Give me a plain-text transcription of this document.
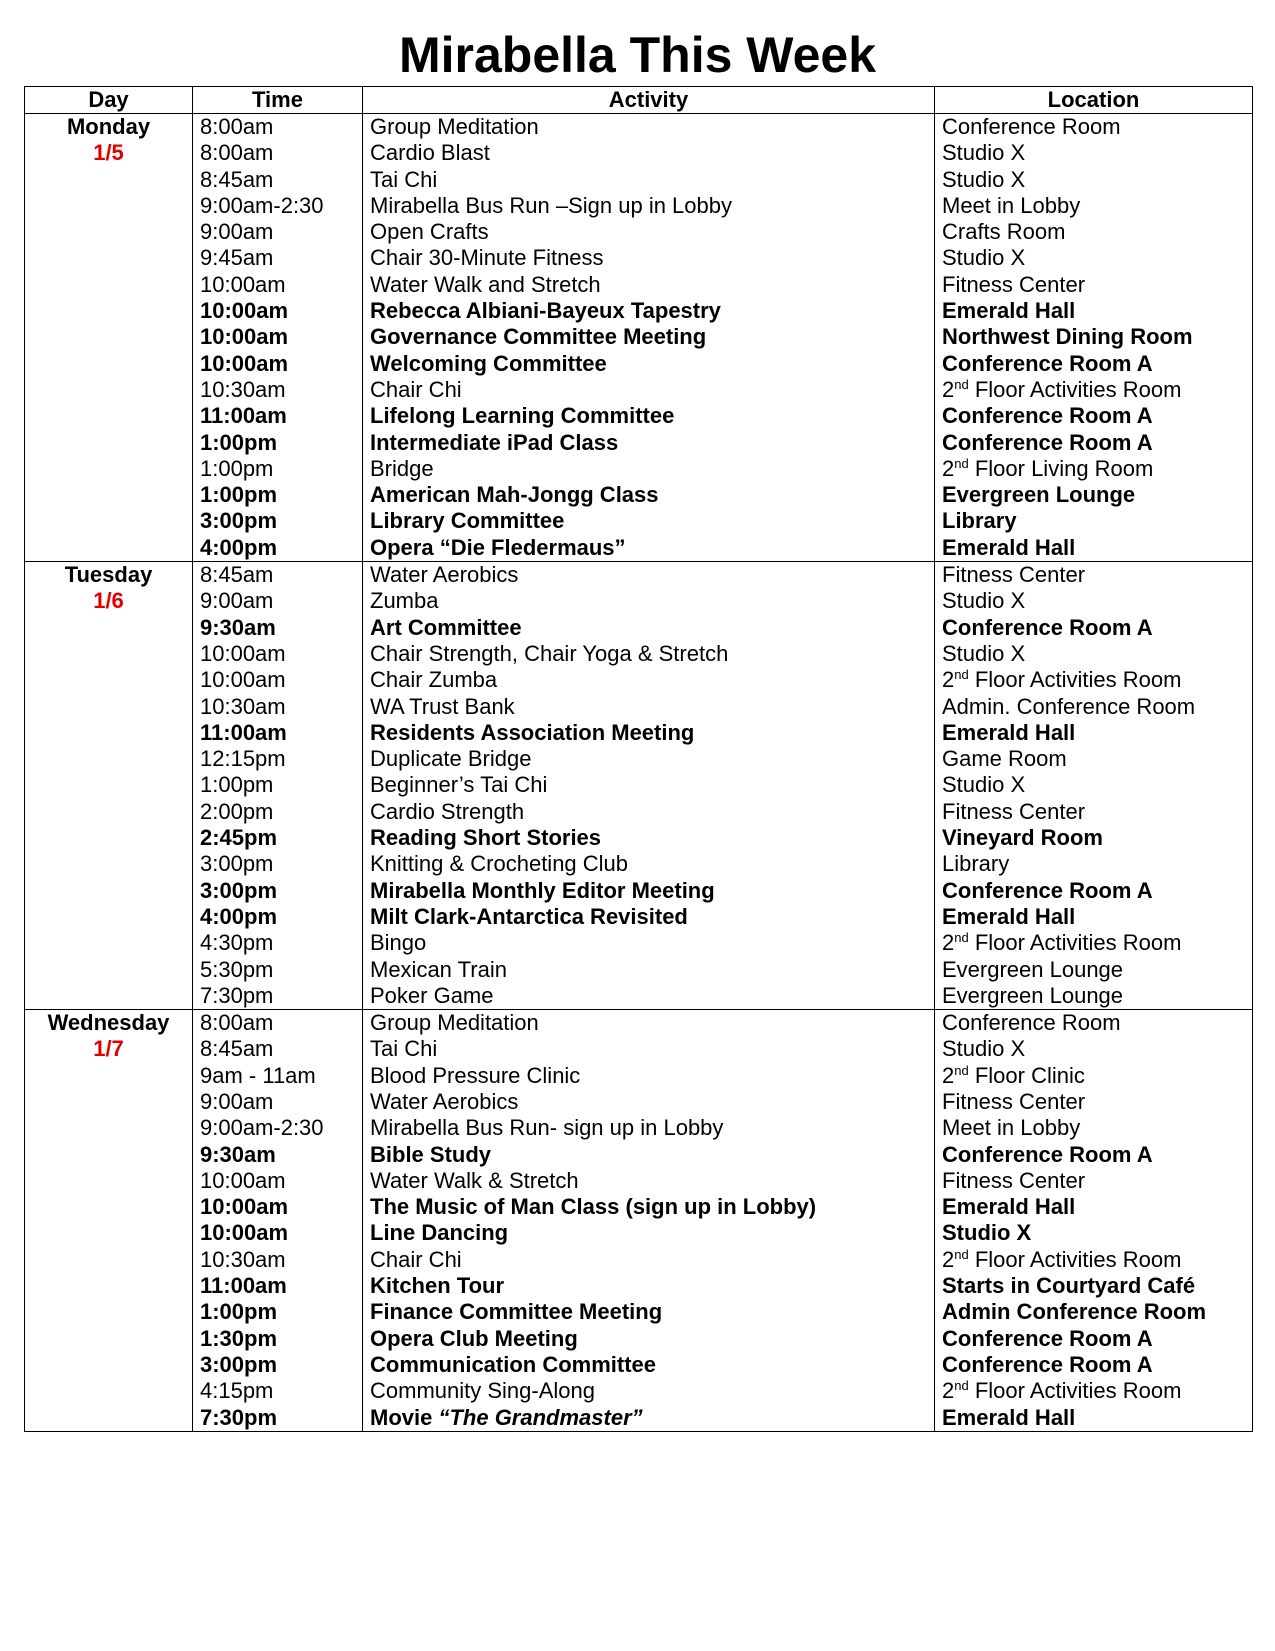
Mirabella This Week
Day	Time	Activity	Location
Monday	8:00am	Group Meditation	Conference Room
1/5	8:00am	Cardio Blast	Studio X
	8:45am	Tai Chi	Studio X
	9:00am-2:30	Mirabella Bus Run –Sign up in Lobby	Meet in Lobby
	9:00am	Open Crafts	Crafts Room
	9:45am	Chair 30-Minute Fitness	Studio X
	10:00am	Water Walk and Stretch	Fitness Center
	10:00am	Rebecca Albiani-Bayeux Tapestry	Emerald Hall
	10:00am	Governance Committee Meeting	Northwest Dining Room
	10:00am	Welcoming Committee	Conference Room A
	10:30am	Chair Chi	2nd Floor Activities Room
	11:00am	Lifelong Learning Committee	Conference Room A
	1:00pm	Intermediate iPad Class	Conference Room A
	1:00pm	Bridge	2nd Floor Living Room
	1:00pm	American Mah-Jongg Class	Evergreen Lounge
	3:00pm	Library Committee	Library
	4:00pm	Opera “Die Fledermaus”	Emerald Hall
Tuesday	8:45am	Water Aerobics	Fitness Center
1/6	9:00am	Zumba	Studio X
	9:30am	Art Committee	Conference Room A
	10:00am	Chair Strength, Chair Yoga & Stretch	Studio X
	10:00am	Chair Zumba	2nd Floor Activities Room
	10:30am	WA Trust Bank	Admin. Conference Room
	11:00am	Residents Association Meeting	Emerald Hall
	12:15pm	Duplicate Bridge	Game Room
	1:00pm	Beginner’s Tai Chi	Studio X
	2:00pm	Cardio Strength	Fitness Center
	2:45pm	Reading Short Stories	Vineyard Room
	3:00pm	Knitting & Crocheting Club	Library
	3:00pm	Mirabella Monthly Editor Meeting	Conference Room A
	4:00pm	Milt Clark-Antarctica Revisited	Emerald Hall
	4:30pm	Bingo	2nd Floor Activities Room
	5:30pm	Mexican Train	Evergreen Lounge
	7:30pm	Poker Game	Evergreen Lounge
Wednesday	8:00am	Group Meditation	Conference Room
1/7	8:45am	Tai Chi	Studio X
	9am - 11am	Blood Pressure Clinic	2nd Floor Clinic
	9:00am	Water Aerobics	Fitness Center
	9:00am-2:30	Mirabella Bus Run- sign up in Lobby	Meet in Lobby
	9:30am	Bible Study	Conference Room A
	10:00am	Water Walk & Stretch	Fitness Center
	10:00am	The Music of Man Class (sign up in Lobby)	Emerald Hall
	10:00am	Line Dancing	Studio X
	10:30am	Chair Chi	2nd Floor Activities Room
	11:00am	Kitchen Tour	Starts in Courtyard Café
	1:00pm	Finance Committee Meeting	Admin Conference Room
	1:30pm	Opera Club Meeting	Conference Room A
	3:00pm	Communication Committee	Conference Room A
	4:15pm	Community Sing-Along	2nd Floor Activities Room
	7:30pm	Movie “The Grandmaster”	Emerald Hall
